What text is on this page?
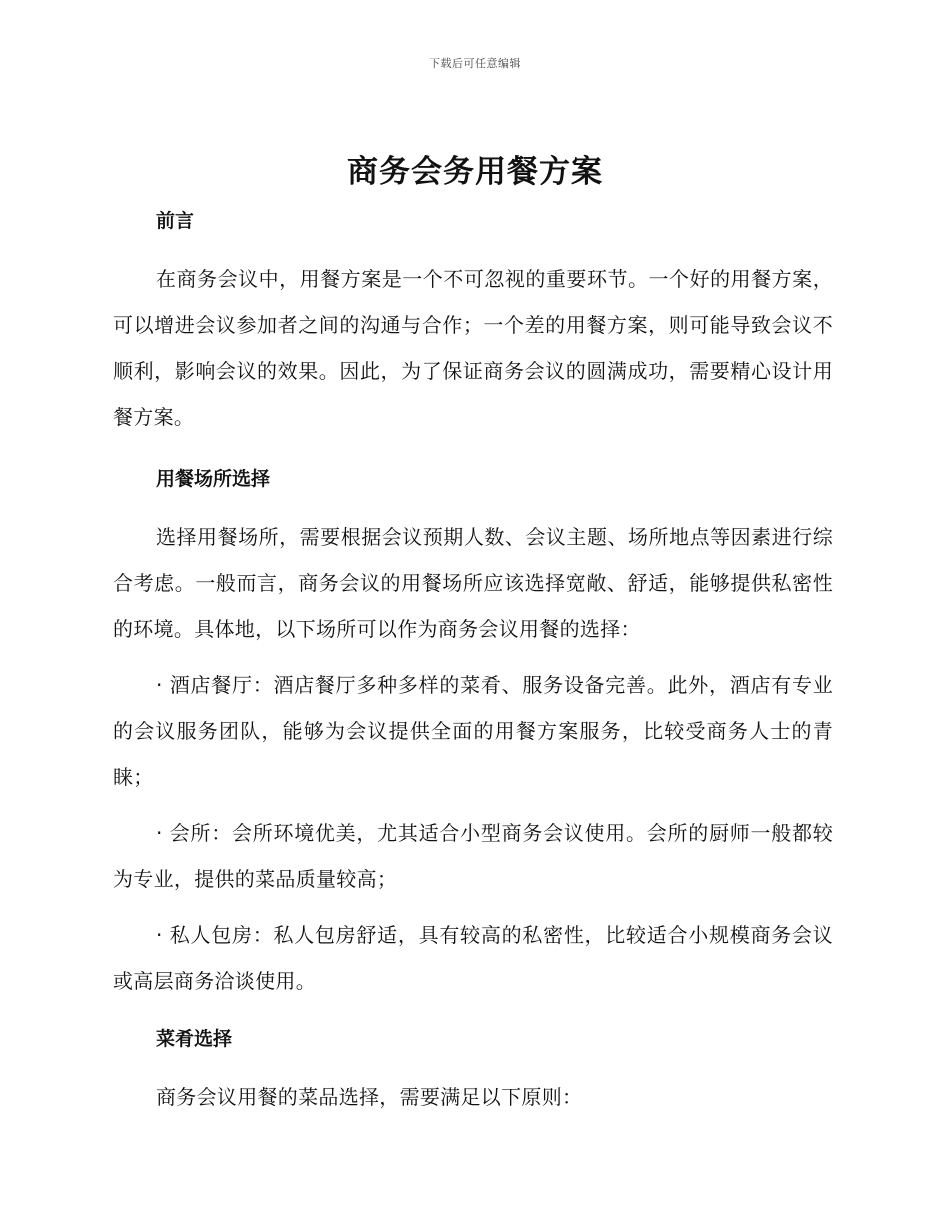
下载后可任意编辑
商务会务用餐方案
前言

在商务会议中，用餐方案是一个不可忽视的重要环节。一个好的用餐方案，可以增进会议参加者之间的沟通与合作；一个差的用餐方案，则可能导致会议不顺利，影响会议的效果。因此，为了保证商务会议的圆满成功，需要精心设计用餐方案。

用餐场所选择

选择用餐场所，需要根据会议预期人数、会议主题、场所地点等因素进行综合考虑。一般而言，商务会议的用餐场所应该选择宽敞、舒适，能够提供私密性的环境。具体地，以下场所可以作为商务会议用餐的选择：

· 酒店餐厅：酒店餐厅多种多样的菜肴、服务设备完善。此外，酒店有专业的会议服务团队，能够为会议提供全面的用餐方案服务，比较受商务人士的青睐；

· 会所：会所环境优美，尤其适合小型商务会议使用。会所的厨师一般都较为专业，提供的菜品质量较高；

· 私人包房：私人包房舒适，具有较高的私密性，比较适合小规模商务会议或高层商务洽谈使用。

菜肴选择

商务会议用餐的菜品选择，需要满足以下原则：
